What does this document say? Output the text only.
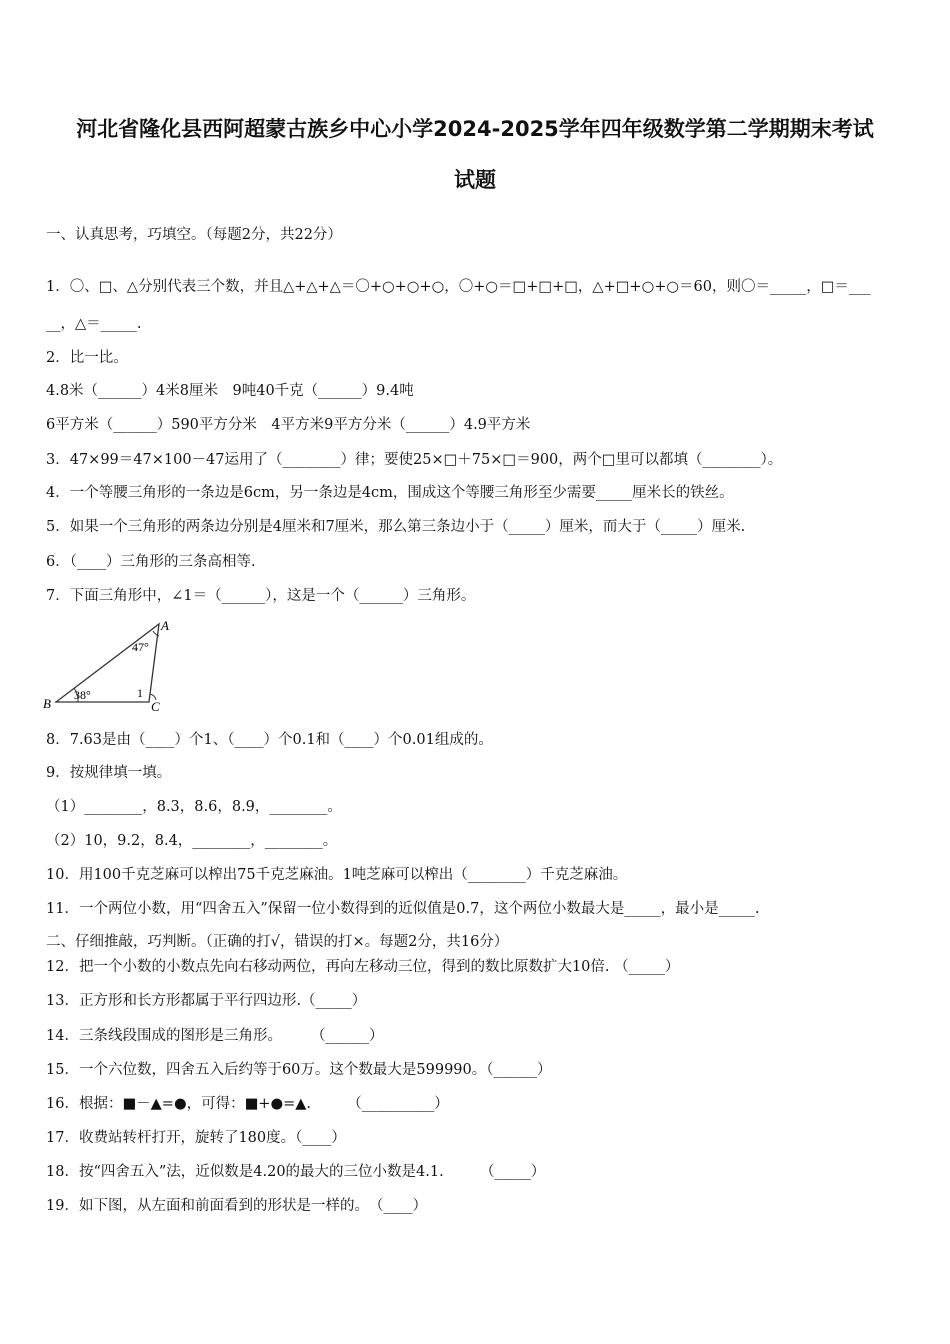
河北省隆化县西阿超蒙古族乡中心小学2024-2025学年四年级数学第二学期期末考试
试题
一、认真思考，巧填空。（每题2分，共22分）
1．〇、□、△分别代表三个数，并且△+△+△＝〇+○+○+○，〇+○＝□+□+□，△+□+○+○＝60，则〇＝_____，□＝___
__，△＝_____.
2．比一比。
4.8米（______）4米8厘米　9吨40千克（______）9.4吨
6平方米（______）590平方分米　4平方米9平方分米（______）4.9平方米
3．47×99＝47×100－47运用了（________）律；要使25×□＋75×□＝900，两个□里可以都填（________）。
4．一个等腰三角形的一条边是6cm，另一条边是4cm，围成这个等腰三角形至少需要_____厘米长的铁丝。
5．如果一个三角形的两条边分别是4厘米和7厘米，那么第三条边小于（_____）厘米，而大于（_____）厘米.
6．（____）三角形的三条高相等.
7．下面三角形中，∠1＝（______），这是一个（______）三角形。
A
B	C
47°
38°	1
8．7.63是由（____）个1、（____）个0.1和（____）个0.01组成的。
9．按规律填一填。
（1）________，8.3，8.6，8.9，________。
（2）10，9.2，8.4，________，________。
10．用100千克芝麻可以榨出75千克芝麻油。1吨芝麻可以榨出（________）千克芝麻油。
11．一个两位小数，用“四舍五入”保留一位小数得到的近似值是0.7，这个两位小数最大是_____，最小是_____.
二、仔细推敲，巧判断。（正确的打√，错误的打×。每题2分，共16分）
12．把一个小数的小数点先向右移动两位，再向左移动三位，得到的数比原数扩大10倍. （_____）
13．正方形和长方形都属于平行四边形.（_____）
14．三条线段围成的图形是三角形。　　　（______）
15．一个六位数，四舍五入后约等于60万。这个数最大是599990。（______）
16．根据：■－▲=●，可得：■+●=▲.　　　（__________）
17．收费站转杆打开，旋转了180度。（____）
18．按“四舍五入”法，近似数是4.20的最大的三位小数是4.1.　　　（_____）
19．如下图，从左面和前面看到的形状是一样的。　（____）
